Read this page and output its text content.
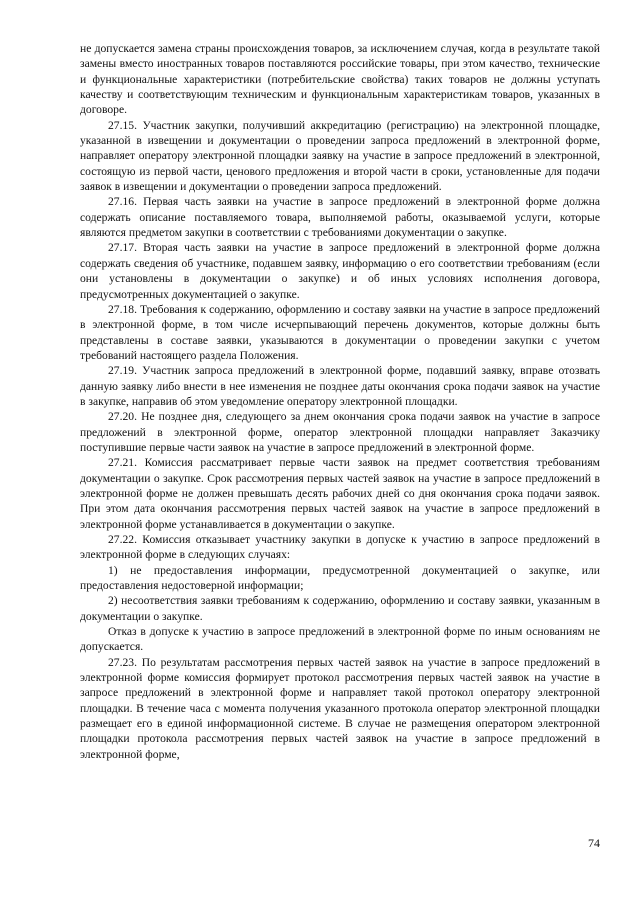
не допускается замена страны происхождения товаров, за исключением случая, когда в результате такой замены вместо иностранных товаров поставляются российские товары, при этом качество, технические и функциональные характеристики (потребительские свойства) таких товаров не должны уступать качеству и соответствующим техническим и функциональным характеристикам товаров, указанных в договоре.

27.15. Участник закупки, получивший аккредитацию (регистрацию) на электронной площадке, указанной в извещении и документации о проведении запроса предложений в электронной форме, направляет оператору электронной площадки заявку на участие в запросе предложений в электронной, состоящую из первой части, ценового предложения и второй части в сроки, установленные для подачи заявок в извещении и документации о проведении запроса предложений.

27.16. Первая часть заявки на участие в запросе предложений в электронной форме должна содержать описание поставляемого товара, выполняемой работы, оказываемой услуги, которые являются предметом закупки в соответствии с требованиями документации о закупке.

27.17. Вторая часть заявки на участие в запросе предложений в электронной форме должна содержать сведения об участнике, подавшем заявку, информацию о его соответствии требованиям (если они установлены в документации о закупке) и об иных условиях исполнения договора, предусмотренных документацией о закупке.

27.18. Требования к содержанию, оформлению и составу заявки на участие в запросе предложений в электронной форме, в том числе исчерпывающий перечень документов, которые должны быть представлены в составе заявки, указываются в документации о проведении закупки с учетом требований настоящего раздела Положения.

27.19. Участник запроса предложений в электронной форме, подавший заявку, вправе отозвать данную заявку либо внести в нее изменения не позднее даты окончания срока подачи заявок на участие в закупке, направив об этом уведомление оператору электронной площадки.

27.20. Не позднее дня, следующего за днем окончания срока подачи заявок на участие в запросе предложений в электронной форме, оператор электронной площадки направляет Заказчику поступившие первые части заявок на участие в запросе предложений в электронной форме.

27.21. Комиссия рассматривает первые части заявок на предмет соответствия требованиям документации о закупке. Срок рассмотрения первых частей заявок на участие в запросе предложений в электронной форме не должен превышать десять рабочих дней со дня окончания срока подачи заявок. При этом дата окончания рассмотрения первых частей заявок на участие в запросе предложений в электронной форме устанавливается в документации о закупке.

27.22. Комиссия отказывает участнику закупки в допуске к участию в запросе предложений в электронной форме в следующих случаях:

1) не предоставления информации, предусмотренной документацией о закупке, или предоставления недостоверной информации;

2) несоответствия заявки требованиям к содержанию, оформлению и составу заявки, указанным в документации о закупке.

Отказ в допуске к участию в запросе предложений в электронной форме по иным основаниям не допускается.

27.23. По результатам рассмотрения первых частей заявок на участие в запросе предложений в электронной форме комиссия формирует протокол рассмотрения первых частей заявок на участие в запросе предложений в электронной форме и направляет такой протокол оператору электронной площадки. В течение часа с момента получения указанного протокола оператор электронной площадки размещает его в единой информационной системе. В случае не размещения оператором электронной площадки протокола рассмотрения первых частей заявок на участие в запросе предложений в электронной форме,

74
